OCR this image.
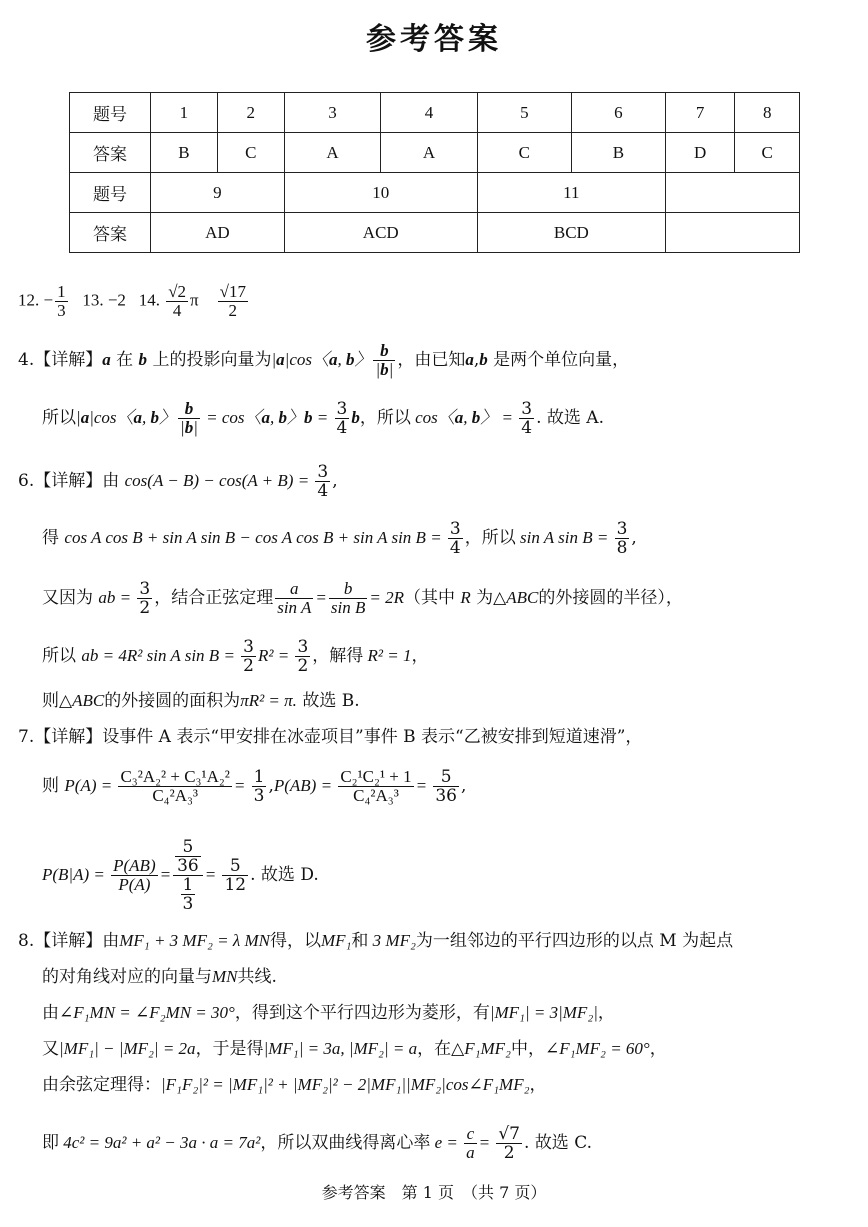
参考答案
题号	1	2	3	4	5	6	7	8
答案	B	C	A	A	C	B	D	C
题号	9		10		11			
答案	AD		ACD		BCD			
12. − $\frac{1}{3} 13$. −2 14. $\frac{√2}{4}$ π $\frac{√17}{2}$
4.【详解】a 在 b 上的投影向量为|a|cos〈a, b〉 $\frac{b}{|b|}$ ，由已知a,b 是两个单位向量，
所以|a|cos〈a, b〉 $\frac{b}{|b|} = \cos$〈a, b〉$b = \frac{3}{4}$ b，所以 cos〈a, b〉 = $\frac{3}{4}$ . 故选 A.
6.【详解】由 $\cos(A - B) - \cos(A + B) = \frac{3}{4}$ ,
得 cos A cos B + sin A sin B − cos A cos B + sin A $\sin B = \frac{3}{4}$ ，所以 sin A $\sin B = \frac{3}{8}$ ,
又因为 ab = $\frac{3}{2}$ ，结合正弦定理 $\frac{a}{\text{sin A}} = \frac{b}{\text{sin B}} = 2R$（其中 R 为△ABC的外接圆的半径），
所以 ab = 4R² sin A $\sin B = \frac{3}{2} R^2 = \frac{3}{2}$ ，解得 R² = 1，
则△ABC的外接圆的面积为πR² = π. 故选 B.
7.【详解】设事件 A 表示“甲安排在冰壶项目”事件 B 表示“乙被安排到短道速滑”，
则 $P(A) = \frac{\text{C₃²A₂² + C₃¹A₂²}}{\text{C₄²A₃³}} = \frac{1}{3} ,P(AB) = \frac{\text{C₂¹C₂¹ + 1}}{\text{C₄²A₃³}} = \frac{5}{36}$ ,
$P(B|A) = \frac{P(AB)}{P(A)} = \frac{\frac{5}{36}}{\frac{1}{3}} = \frac{5}{12}$ . 故选 D.
8.【详解】由MF₁ + 3 MF₂ = λ MN得，以MF₁和 3 MF₂为一组邻边的平行四边形的以点 M 为起点
的对角线对应的向量与MN共线.
由∠F₁MN = ∠F₂MN = 30°，得到这个平行四边形为菱形，有|MF₁| = 3|MF₂|，
又|MF₁| − |MF₂| = 2a，于是得|MF₁| = 3a, |MF₂| = a，在△F₁MF₂中，∠F₁MF₂ = 60°，
由余弦定理得：|F₁F₂|² = |MF₁|² + |MF₂|² − 2|MF₁||MF₂|cos∠F₁MF₂，
即 4c² = 9a² + a² − 3a · a = 7a²，所以双曲线得离心率 $e = \frac{c}{a} = \frac{√7}{2}$ . 故选 C.
参考答案　第 1 页　（共 7 页）
